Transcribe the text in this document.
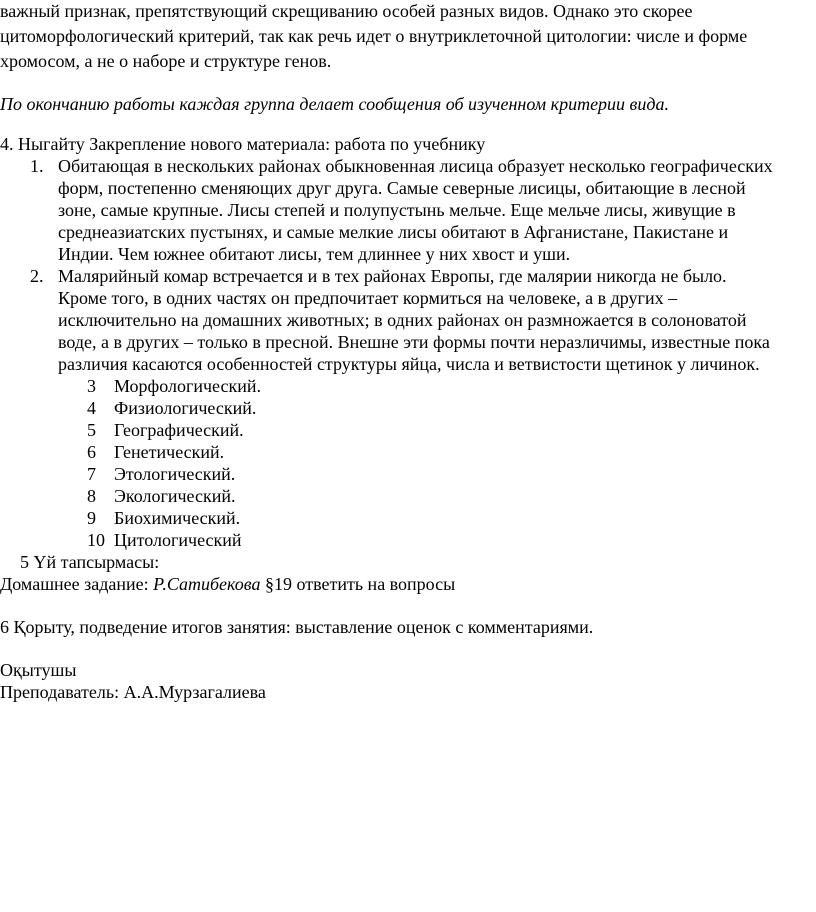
важный признак, препятствующий скрещиванию особей разных видов. Однако это скорее
цитоморфологический критерий, так как речь идет о внутриклеточной цитологии: числе и форме
хромосом, а не о наборе и структуре генов.
По окончанию работы каждая группа делает сообщения об изученном критерии вида.
4. Ныгайту Закрепление нового материала: работа по учебнику
1. Обитающая в нескольких районах обыкновенная лисица образует несколько географических
форм, постепенно сменяющих друг друга. Самые северные лисицы, обитающие в лесной
зоне, самые крупные. Лисы степей и полупустынь мельче. Еще мельче лисы, живущие в
среднеазиатских пустынях, и самые мелкие лисы обитают в Афганистане, Пакистане и
Индии. Чем южнее обитают лисы, тем длиннее у них хвост и уши.
2. Малярийный комар встречается и в тех районах Европы, где малярии никогда не было.
Кроме того, в одних частях он предпочитает кормиться на человеке, а в других –
исключительно на домашних животных; в одних районах он размножается в солоноватой
воде, а в других – только в пресной. Внешне эти формы почти неразличимы, известные пока
различия касаются особенностей структуры яйца, числа и ветвистости щетинок у личинок.
3 Морфологический.
4 Физиологический.
5 Географический.
6 Генетический.
7 Этологический.
8 Экологический.
9 Биохимический.
10 Цитологический
5 Үй тапсырмасы:
Домашнее задание: Р.Сатибекова §19 ответить на вопросы
6 Қорыту, подведение итогов занятия: выставление оценок с комментариями.
Оқытушы
Преподаватель: А.А.Мурзагалиева
